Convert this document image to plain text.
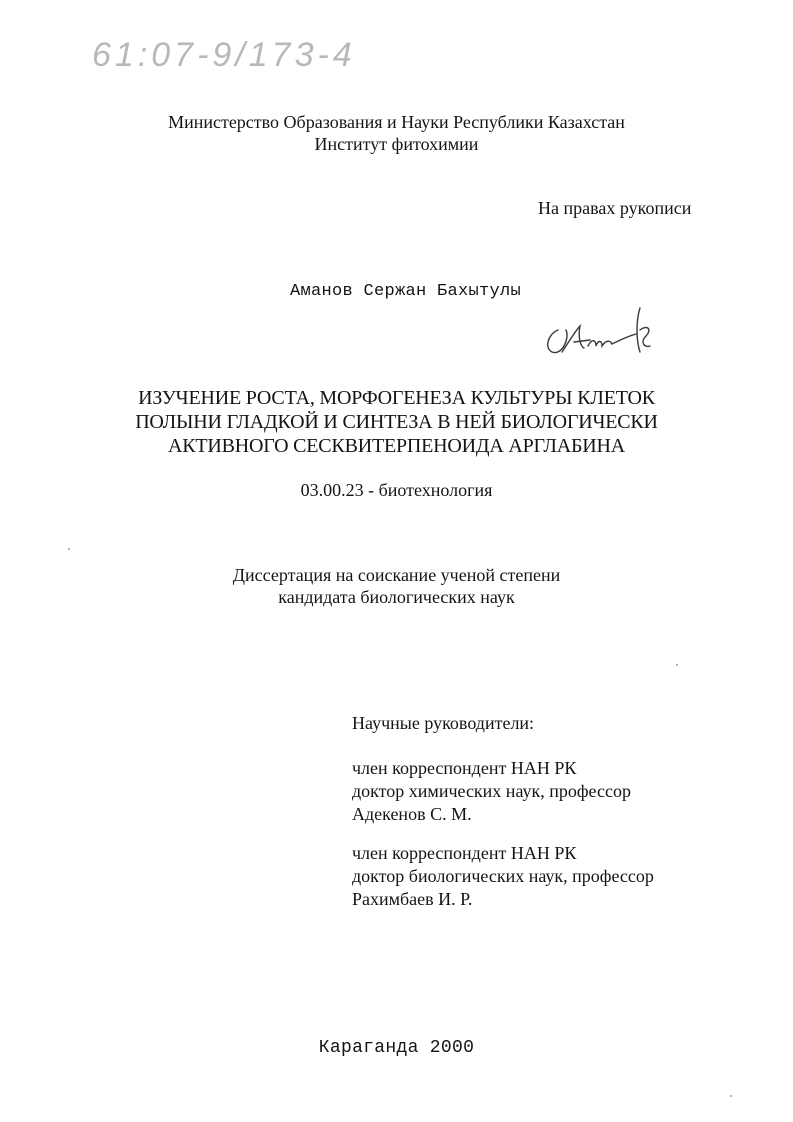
61:07-9/173-4
Министерство Образования и Науки Республики Казахстан
Институт фитохимии
На правах рукописи
Аманов Сержан Бахытулы
ИЗУЧЕНИЕ РОСТА, МОРФОГЕНЕЗА КУЛЬТУРЫ КЛЕТОК
ПОЛЫНИ ГЛАДКОЙ И СИНТЕЗА В НЕЙ БИОЛОГИЧЕСКИ
АКТИВНОГО СЕСКВИТЕРПЕНОИДА АРГЛАБИНА
03.00.23 - биотехнология
Диссертация на соискание ученой степени
кандидата биологических наук
Научные руководители:
член корреспондент НАН РК
доктор химических наук, профессор
Адекенов С. М.
член корреспондент НАН РК
доктор биологических наук, профессор
Рахимбаев И. Р.
Караганда 2000
